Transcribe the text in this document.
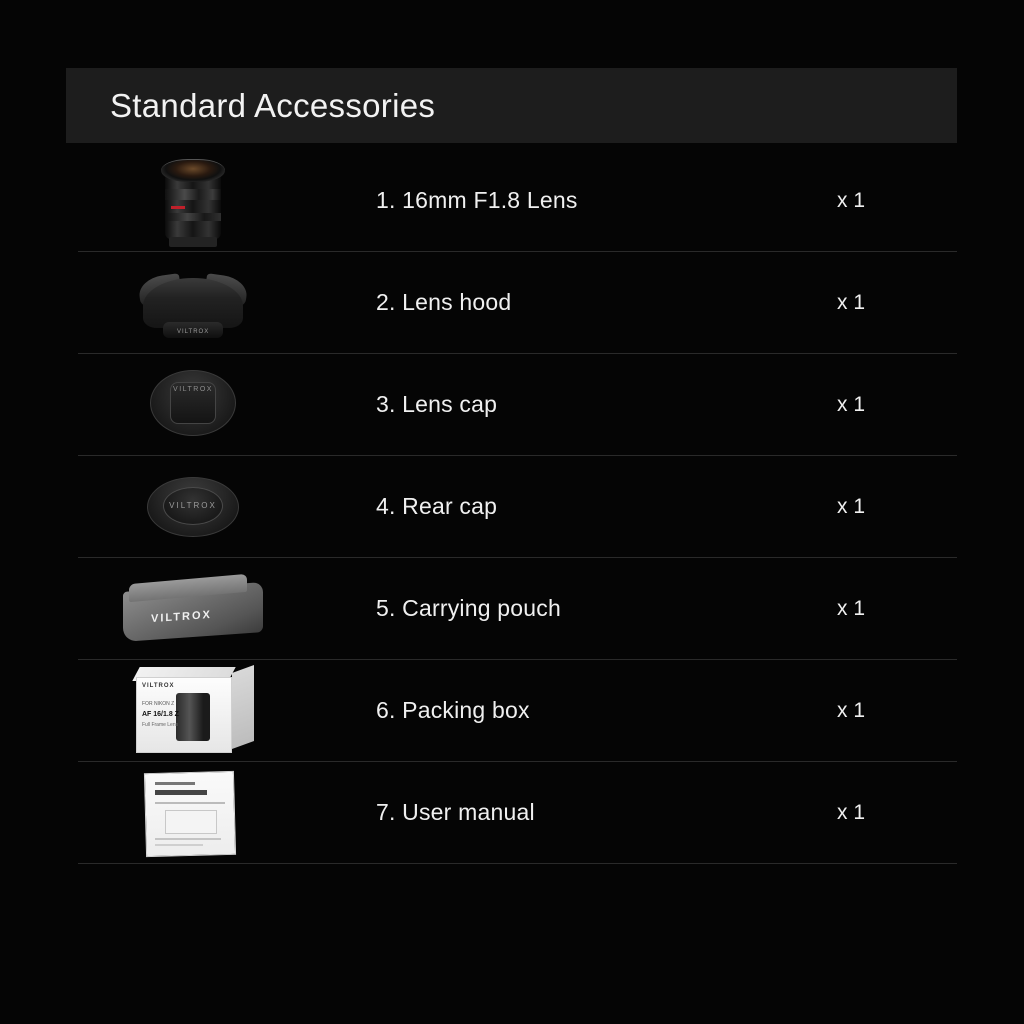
Standard Accessories
1. 16mm F1.8 Lens	x 1
VILTROX
2. Lens hood	x 1
VILTROX
3. Lens cap	x 1
VILTROX	4. Rear cap	x 1
VILTROX	5. Carrying pouch	x 1
VILTROX
FOR NIKON Z
AF 16/1.8 Z
Full Frame Lens
6. Packing box	x 1
7. User manual	x 1
